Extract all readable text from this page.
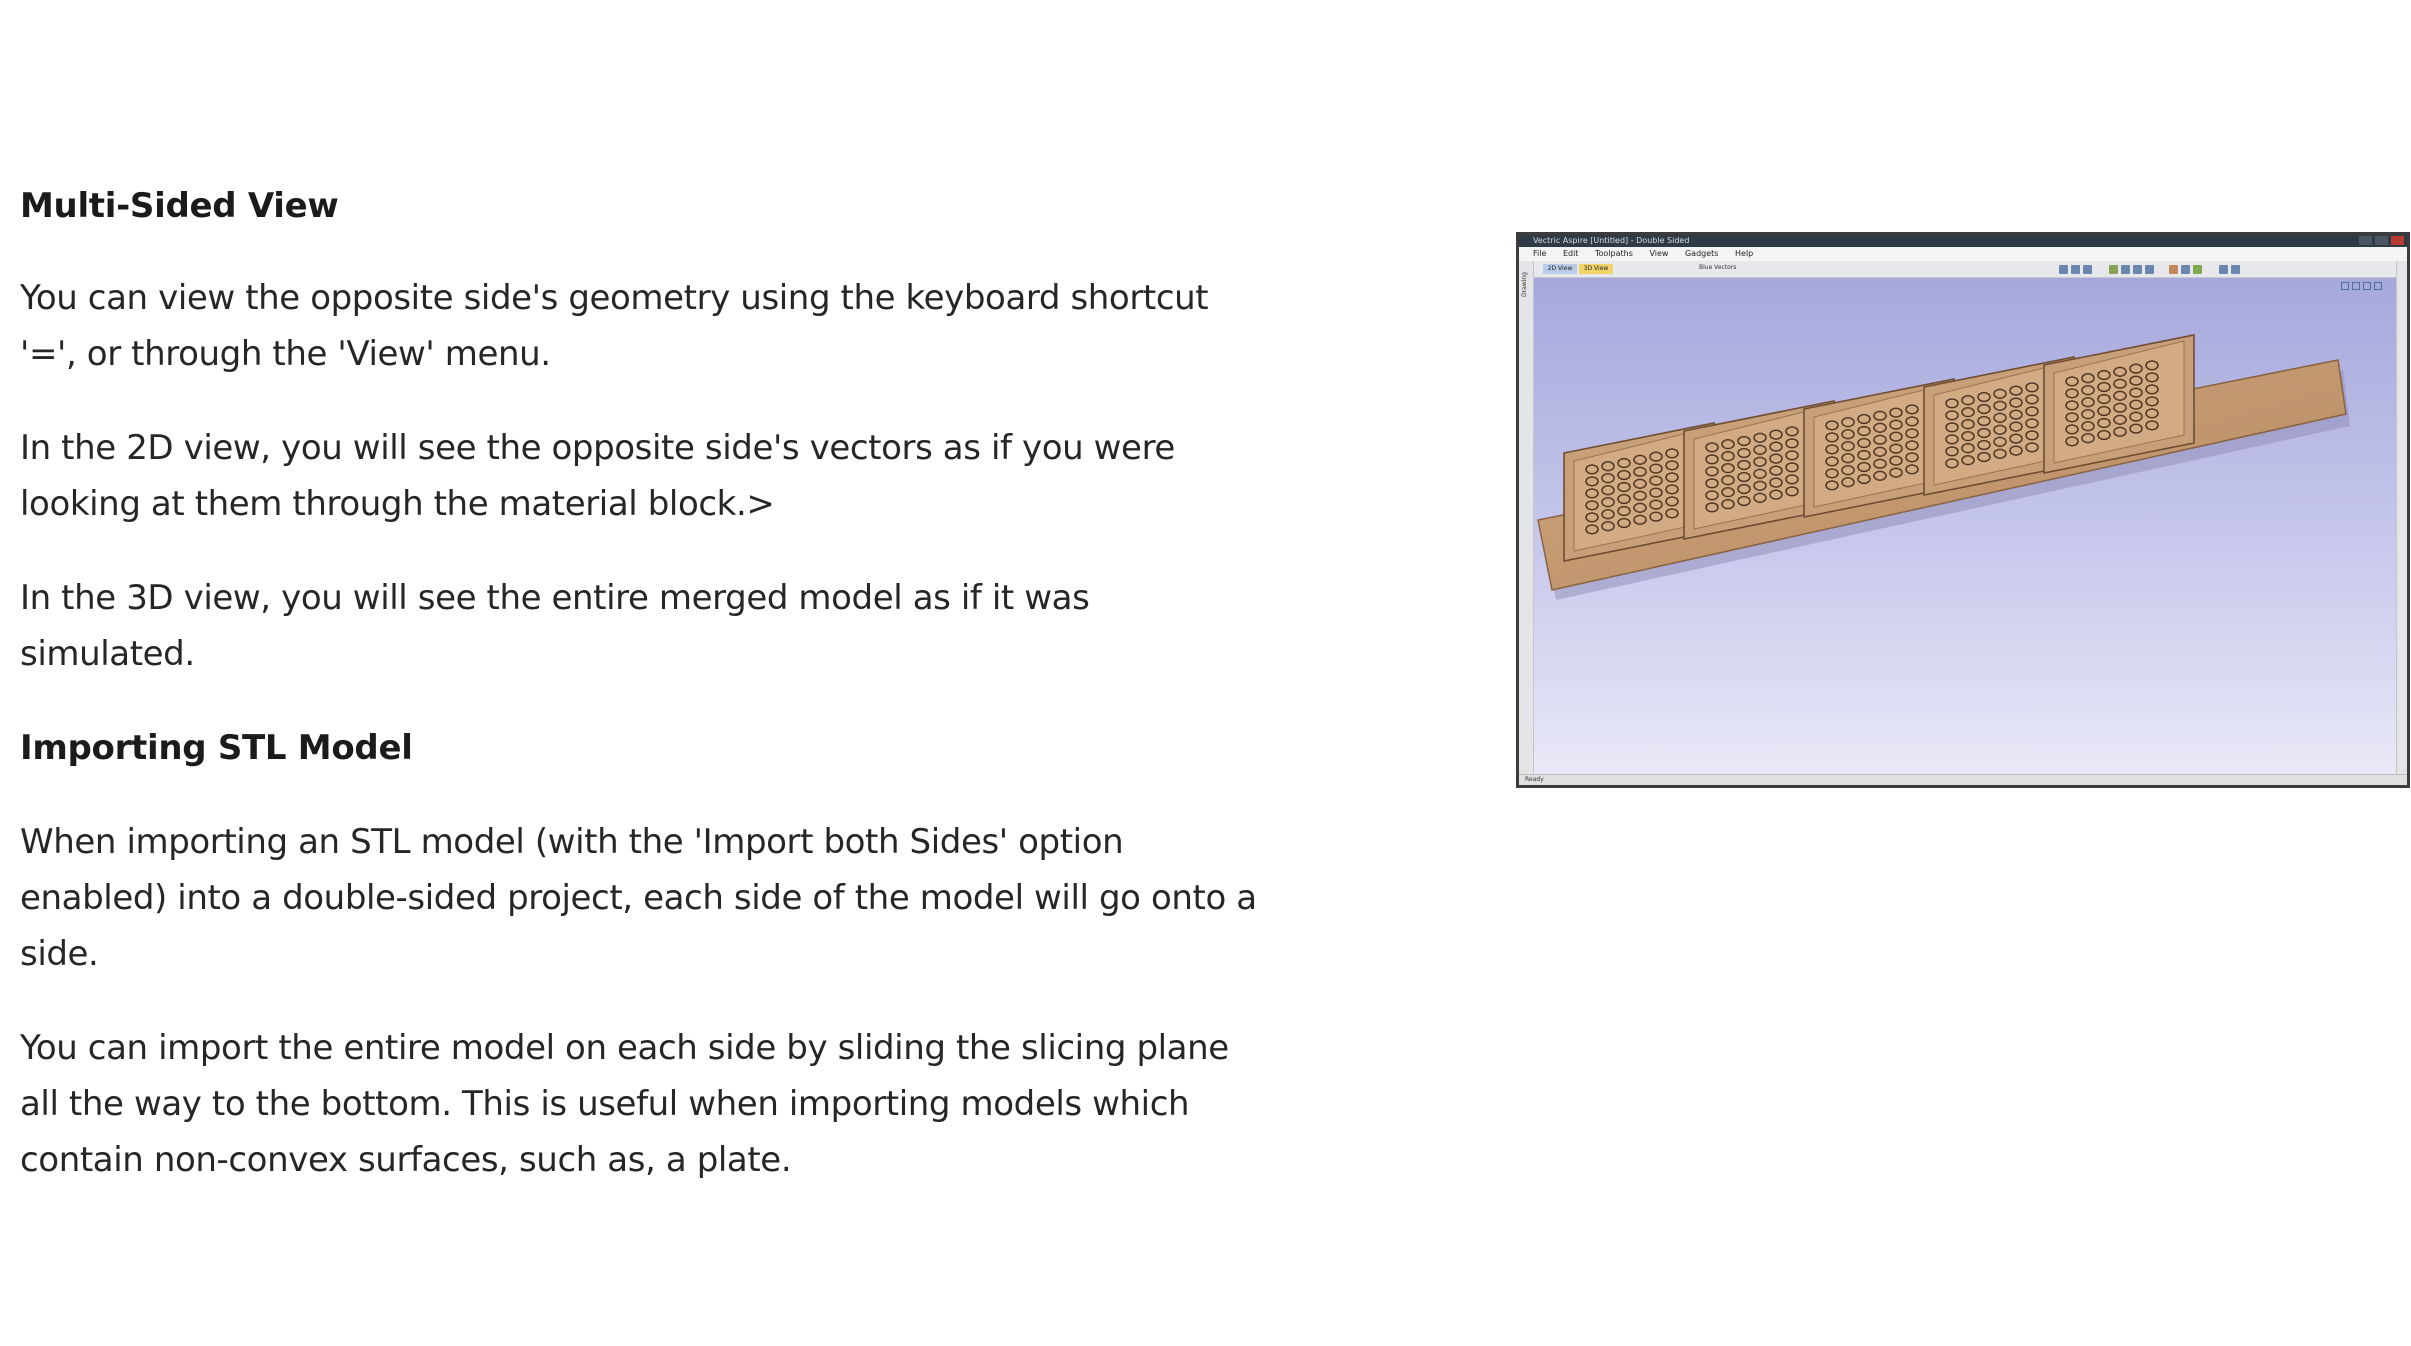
Multi-Sided View

You can view the opposite side's geometry using the keyboard shortcut '=', or through the 'View' menu.

In the 2D view, you will see the opposite side's vectors as if you were looking at them through the material block.>

In the 3D view, you will see the entire merged model as if it was simulated.

Importing STL Model

When importing an STL model (with the 'Import both Sides' option enabled) into a double-sided project, each side of the model will go onto a side.

You can import the entire model on each side by sliding the slicing plane all the way to the bottom. This is useful when importing models which contain non-convex surfaces, such as, a plate.

Vectric Aspire [Untitled] - Double Sided
File Edit Toolpaths View Gadgets Help
2D View	3D View	Blue Vectors
Drawing
Ready
